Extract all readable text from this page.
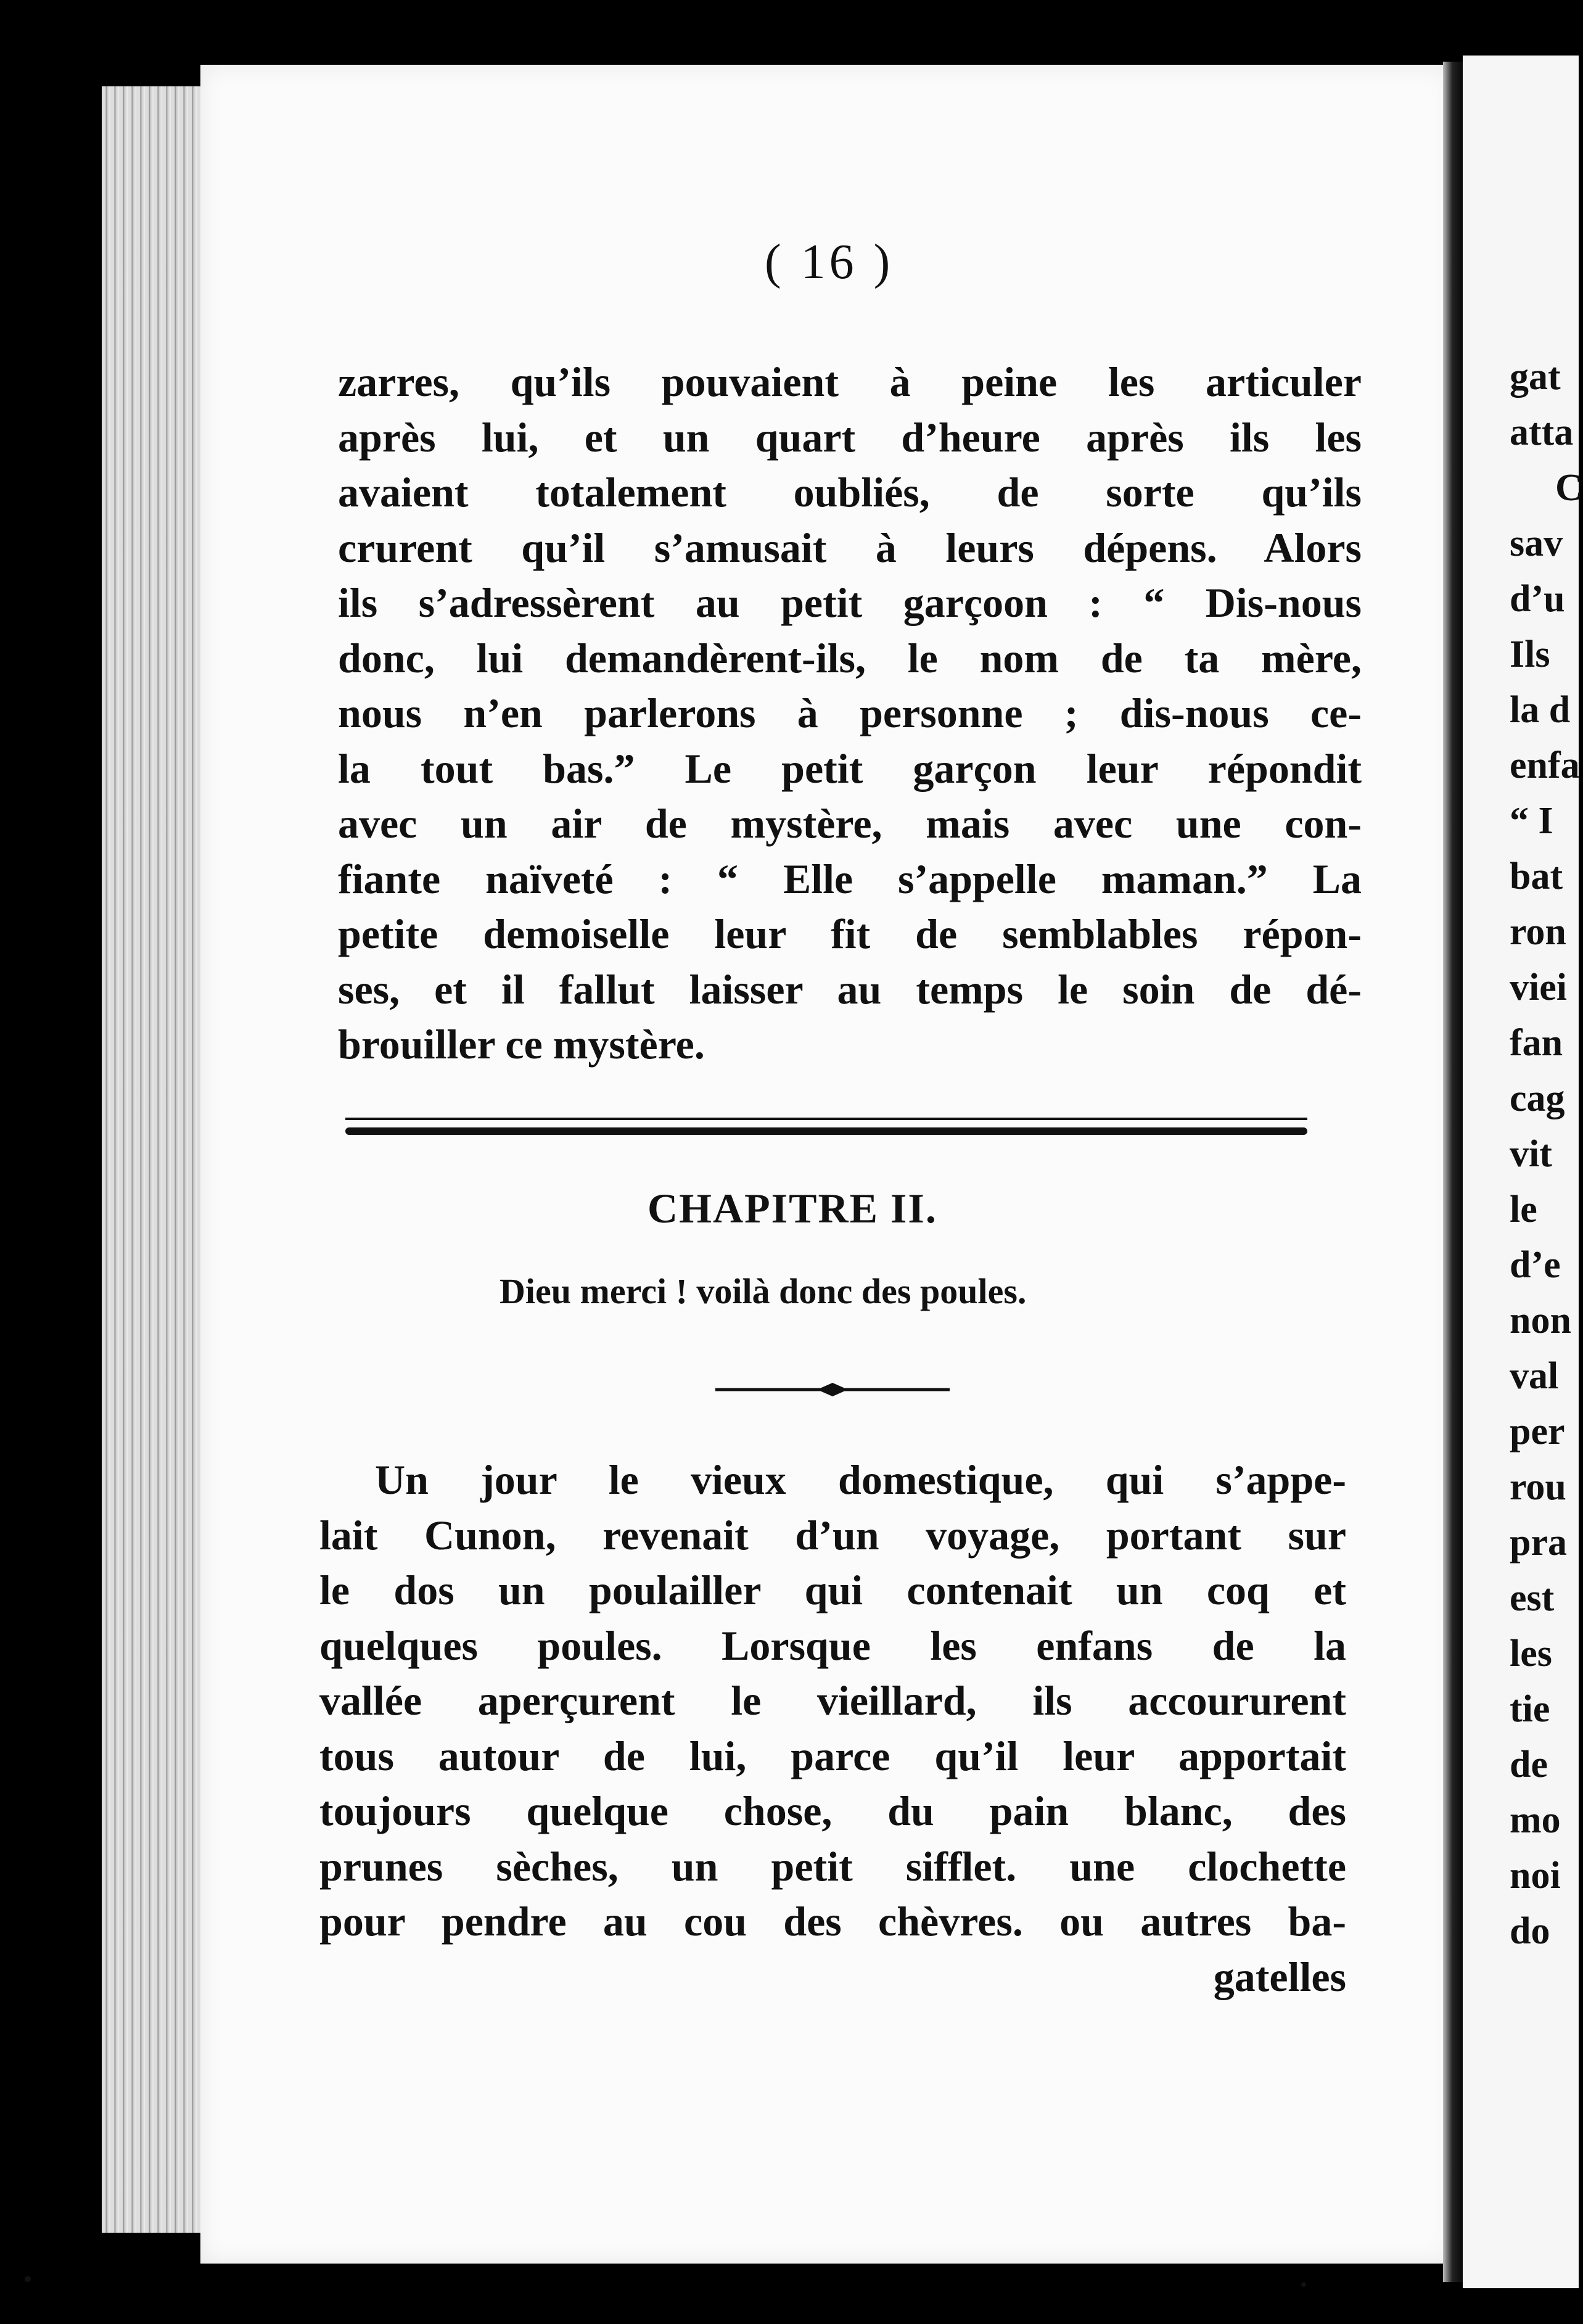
( 16 )
zarres, qu’ils pouvaient à peine les articuler
après lui, et un quart d’heure après ils les
avaient totalement oubliés, de sorte qu’ils
crurent qu’il s’amusait à leurs dépens. Alors
ils s’adressèrent au petit garçoon : “ Dis-nous
donc, lui demandèrent-ils, le nom de ta mère,
nous n’en parlerons à personne ; dis-nous ce-
la tout bas.” Le petit garçon leur répondit
avec un air de mystère, mais avec une con-
fiante naïveté : “ Elle s’appelle maman.” La
petite demoiselle leur fit de semblables répon-
ses, et il fallut laisser au temps le soin de dé-
brouiller ce mystère.
CHAPITRE II.
Dieu merci ! voilà donc des poules.
Un jour le vieux domestique, qui s’appe-
lait Cunon, revenait d’un voyage, portant sur
le dos un poulailler qui contenait un coq et
quelques poules. Lorsque les enfans de la
vallée aperçurent le vieillard, ils accoururent
tous autour de lui, parce qu’il leur apportait
toujours quelque chose, du pain blanc, des
prunes sèches, un petit sifflet. une clochette
pour pendre au cou des chèvres. ou autres ba-
gatelles
gat
atta
C
sav
d’u
Ils
la d
enfa
“ I
bat
ron
viei
fan
cag
vit
le
d’e
non
val
per
rou
pra
est
les
tie
de
mo
noi
do
